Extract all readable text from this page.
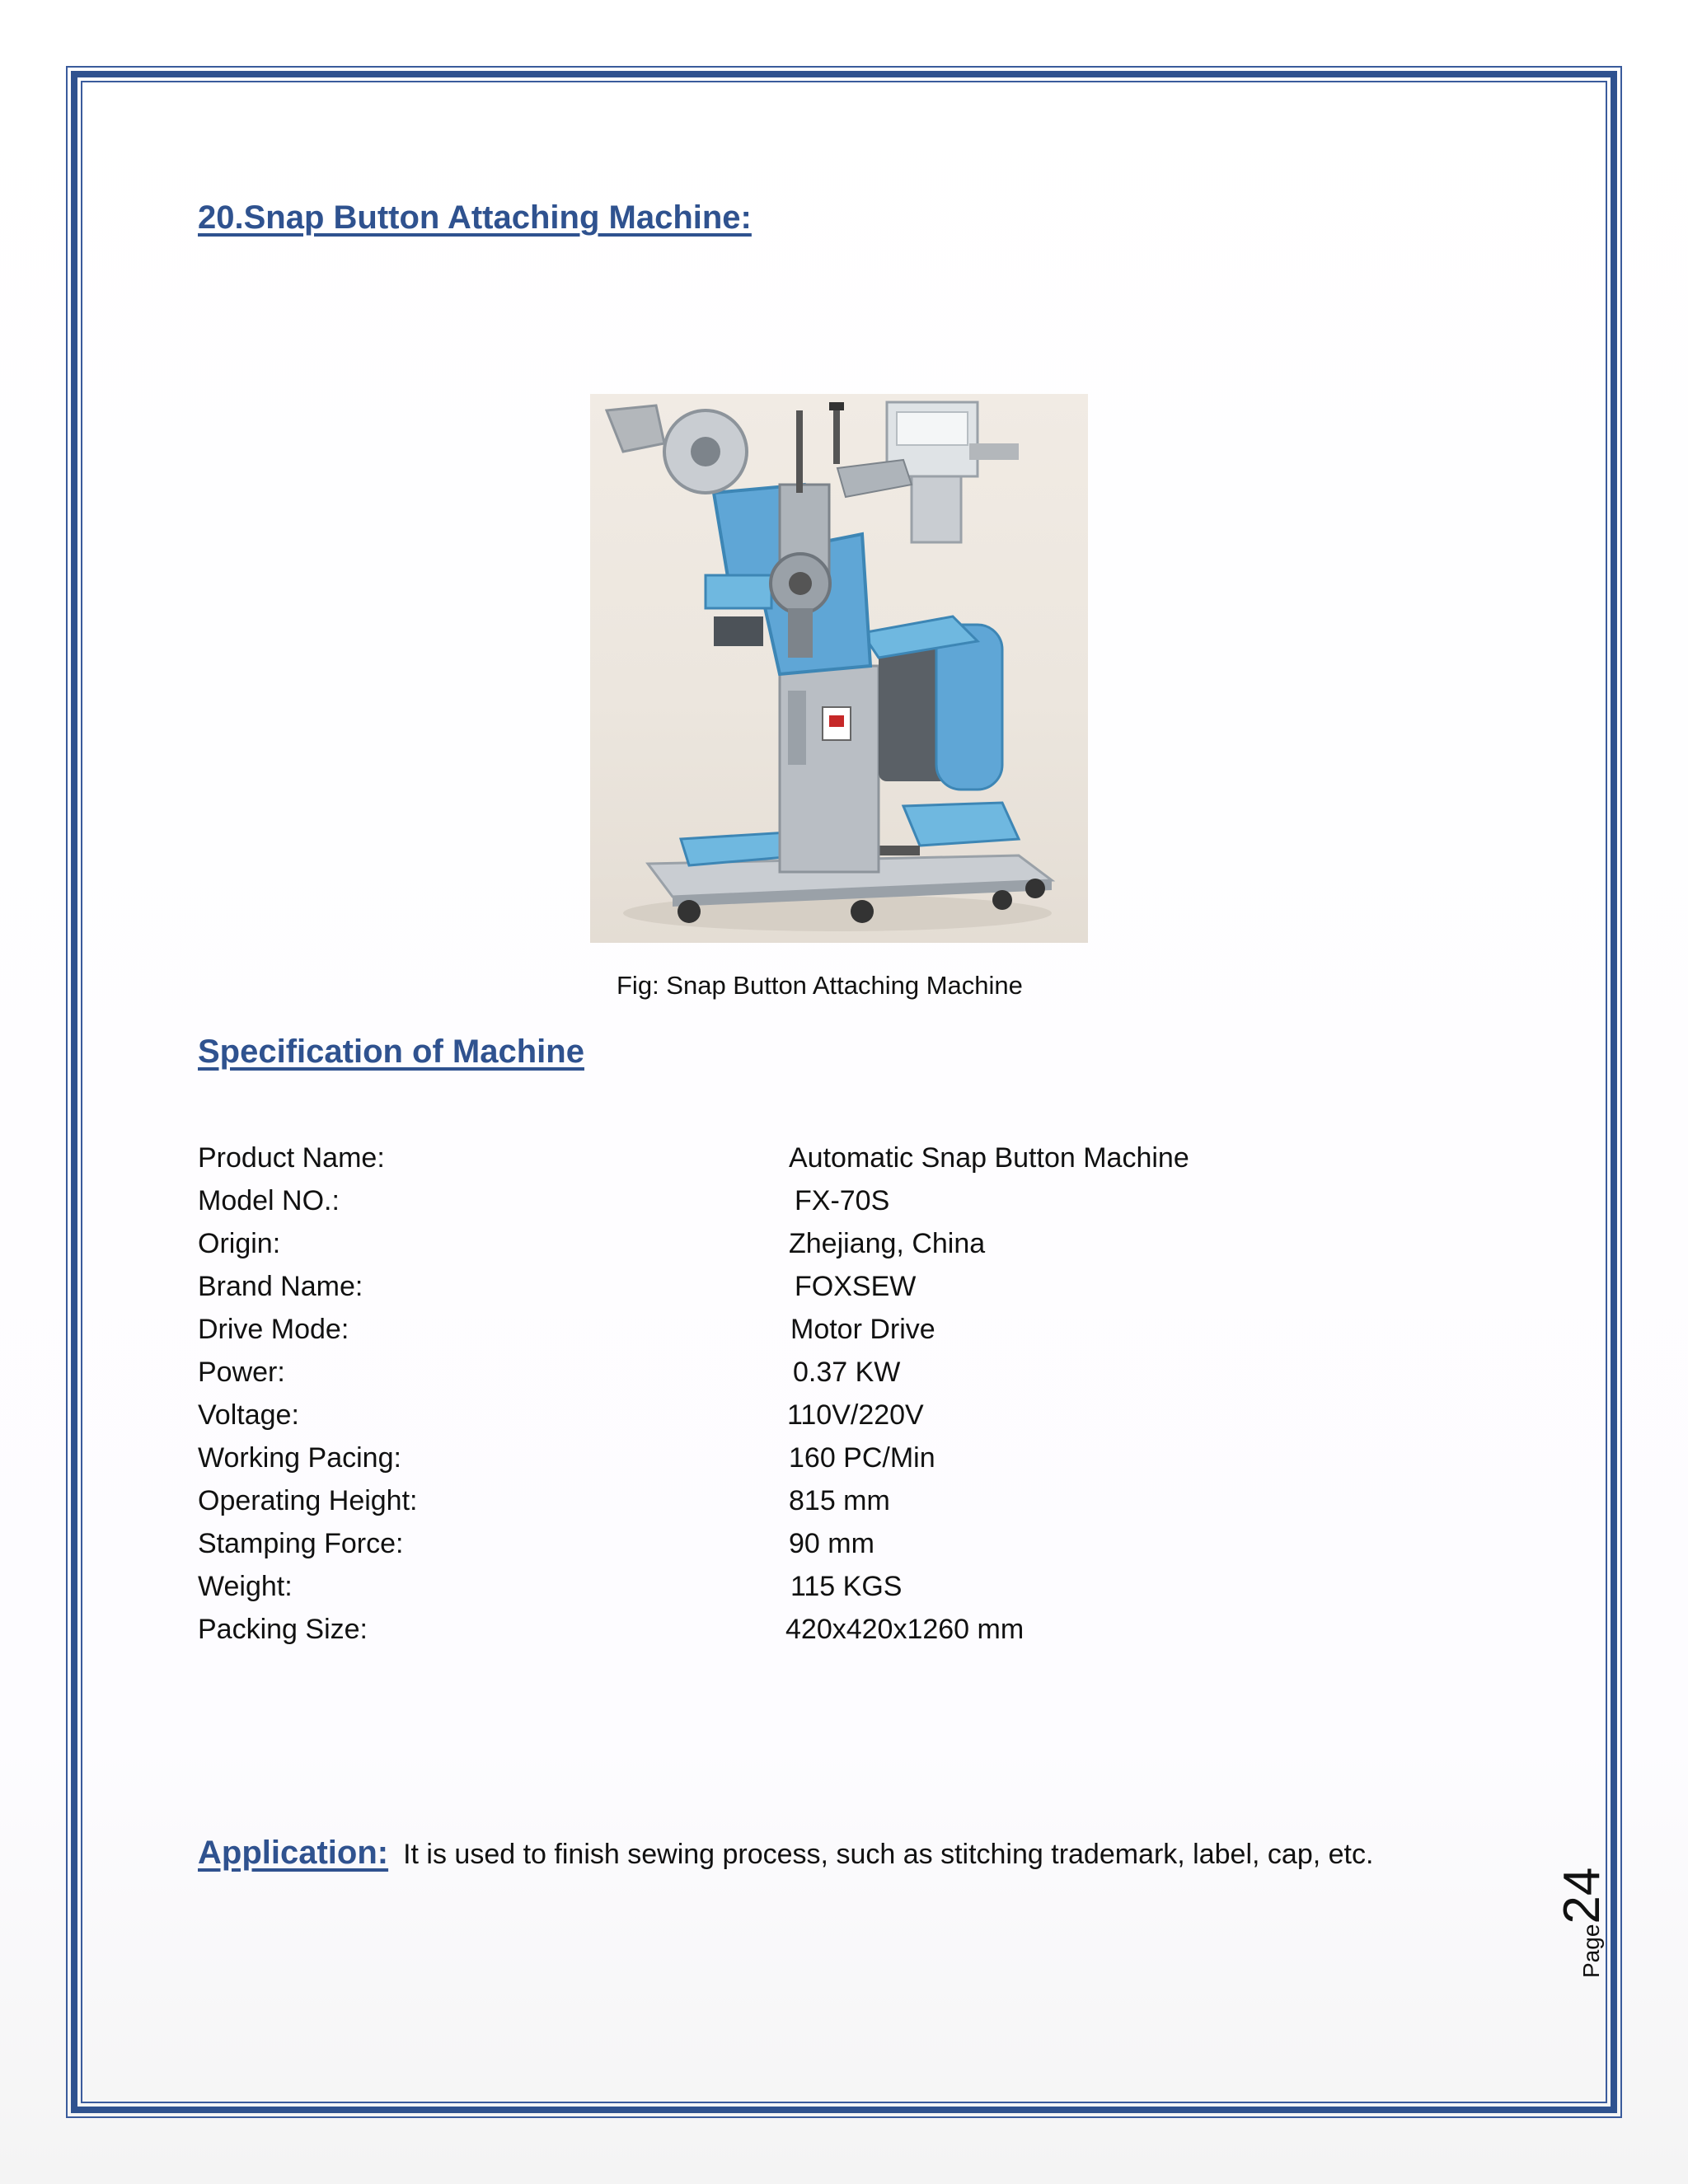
20.Snap Button Attaching Machine:
Fig: Snap Button Attaching Machine
Specification of Machine
Product Name:	Automatic Snap Button Machine
Model NO.:	FX-70S
Origin:	Zhejiang, China
Brand Name:	FOXSEW
Drive Mode:	Motor Drive
Power:	0.37 KW
Voltage:	110V/220V
Working Pacing:	160 PC/Min
Operating Height:	815 mm
Stamping Force:	90 mm
Weight:	115 KGS
Packing Size:	420x420x1260 mm
Application: It is used to finish sewing process, such as stitching trademark, label, cap, etc.
Page24
